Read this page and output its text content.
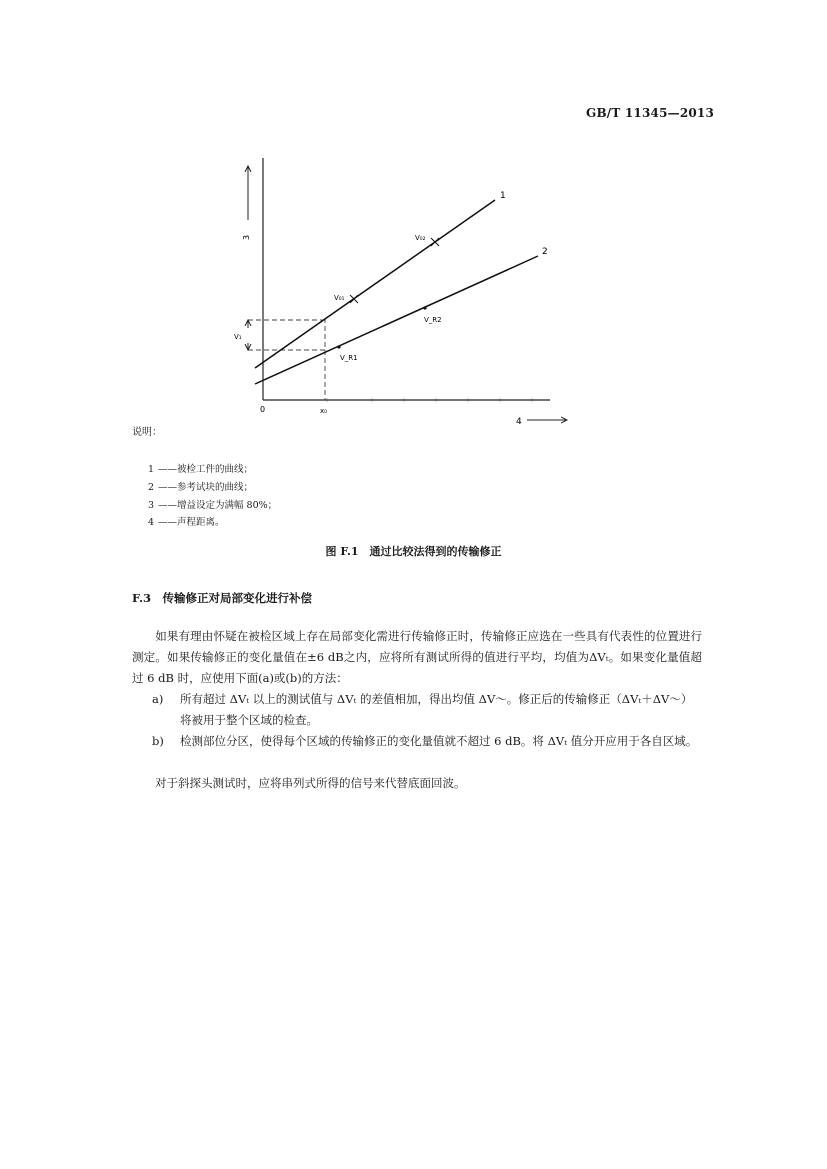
GB/T 11345—2013
3
4
0	x₀
V₁
1
2
V₀₁
V₀₂
V_R1
V_R2
说明：
1 ——被检工件的曲线；
2 ——参考试块的曲线；
3 ——增益设定为满幅 80%；
4 ——声程距离。
图 F.1　通过比较法得到的传输修正
F.3　传输修正对局部变化进行补偿
　　如果有理由怀疑在被检区域上存在局部变化需进行传输修正时，传输修正应选在一些具有代表性的位置进行测定。如果传输修正的变化量值在±6 dB之内，应将所有测试所得的值进行平均，均值为ΔVₜ。如果变化量值超过 6 dB 时，应使用下面(a)或(b)的方法：
a) 所有超过 ΔVₜ 以上的测试值与 ΔVₜ 的差值相加，得出均值 ΔV～。修正后的传输修正（ΔVₜ＋ΔV～）将被用于整个区域的检查。
b) 检测部位分区，使得每个区域的传输修正的变化量值就不超过 6 dB。将 ΔVₜ 值分开应用于各自区域。
　　对于斜探头测试时，应将串列式所得的信号来代替底面回波。
